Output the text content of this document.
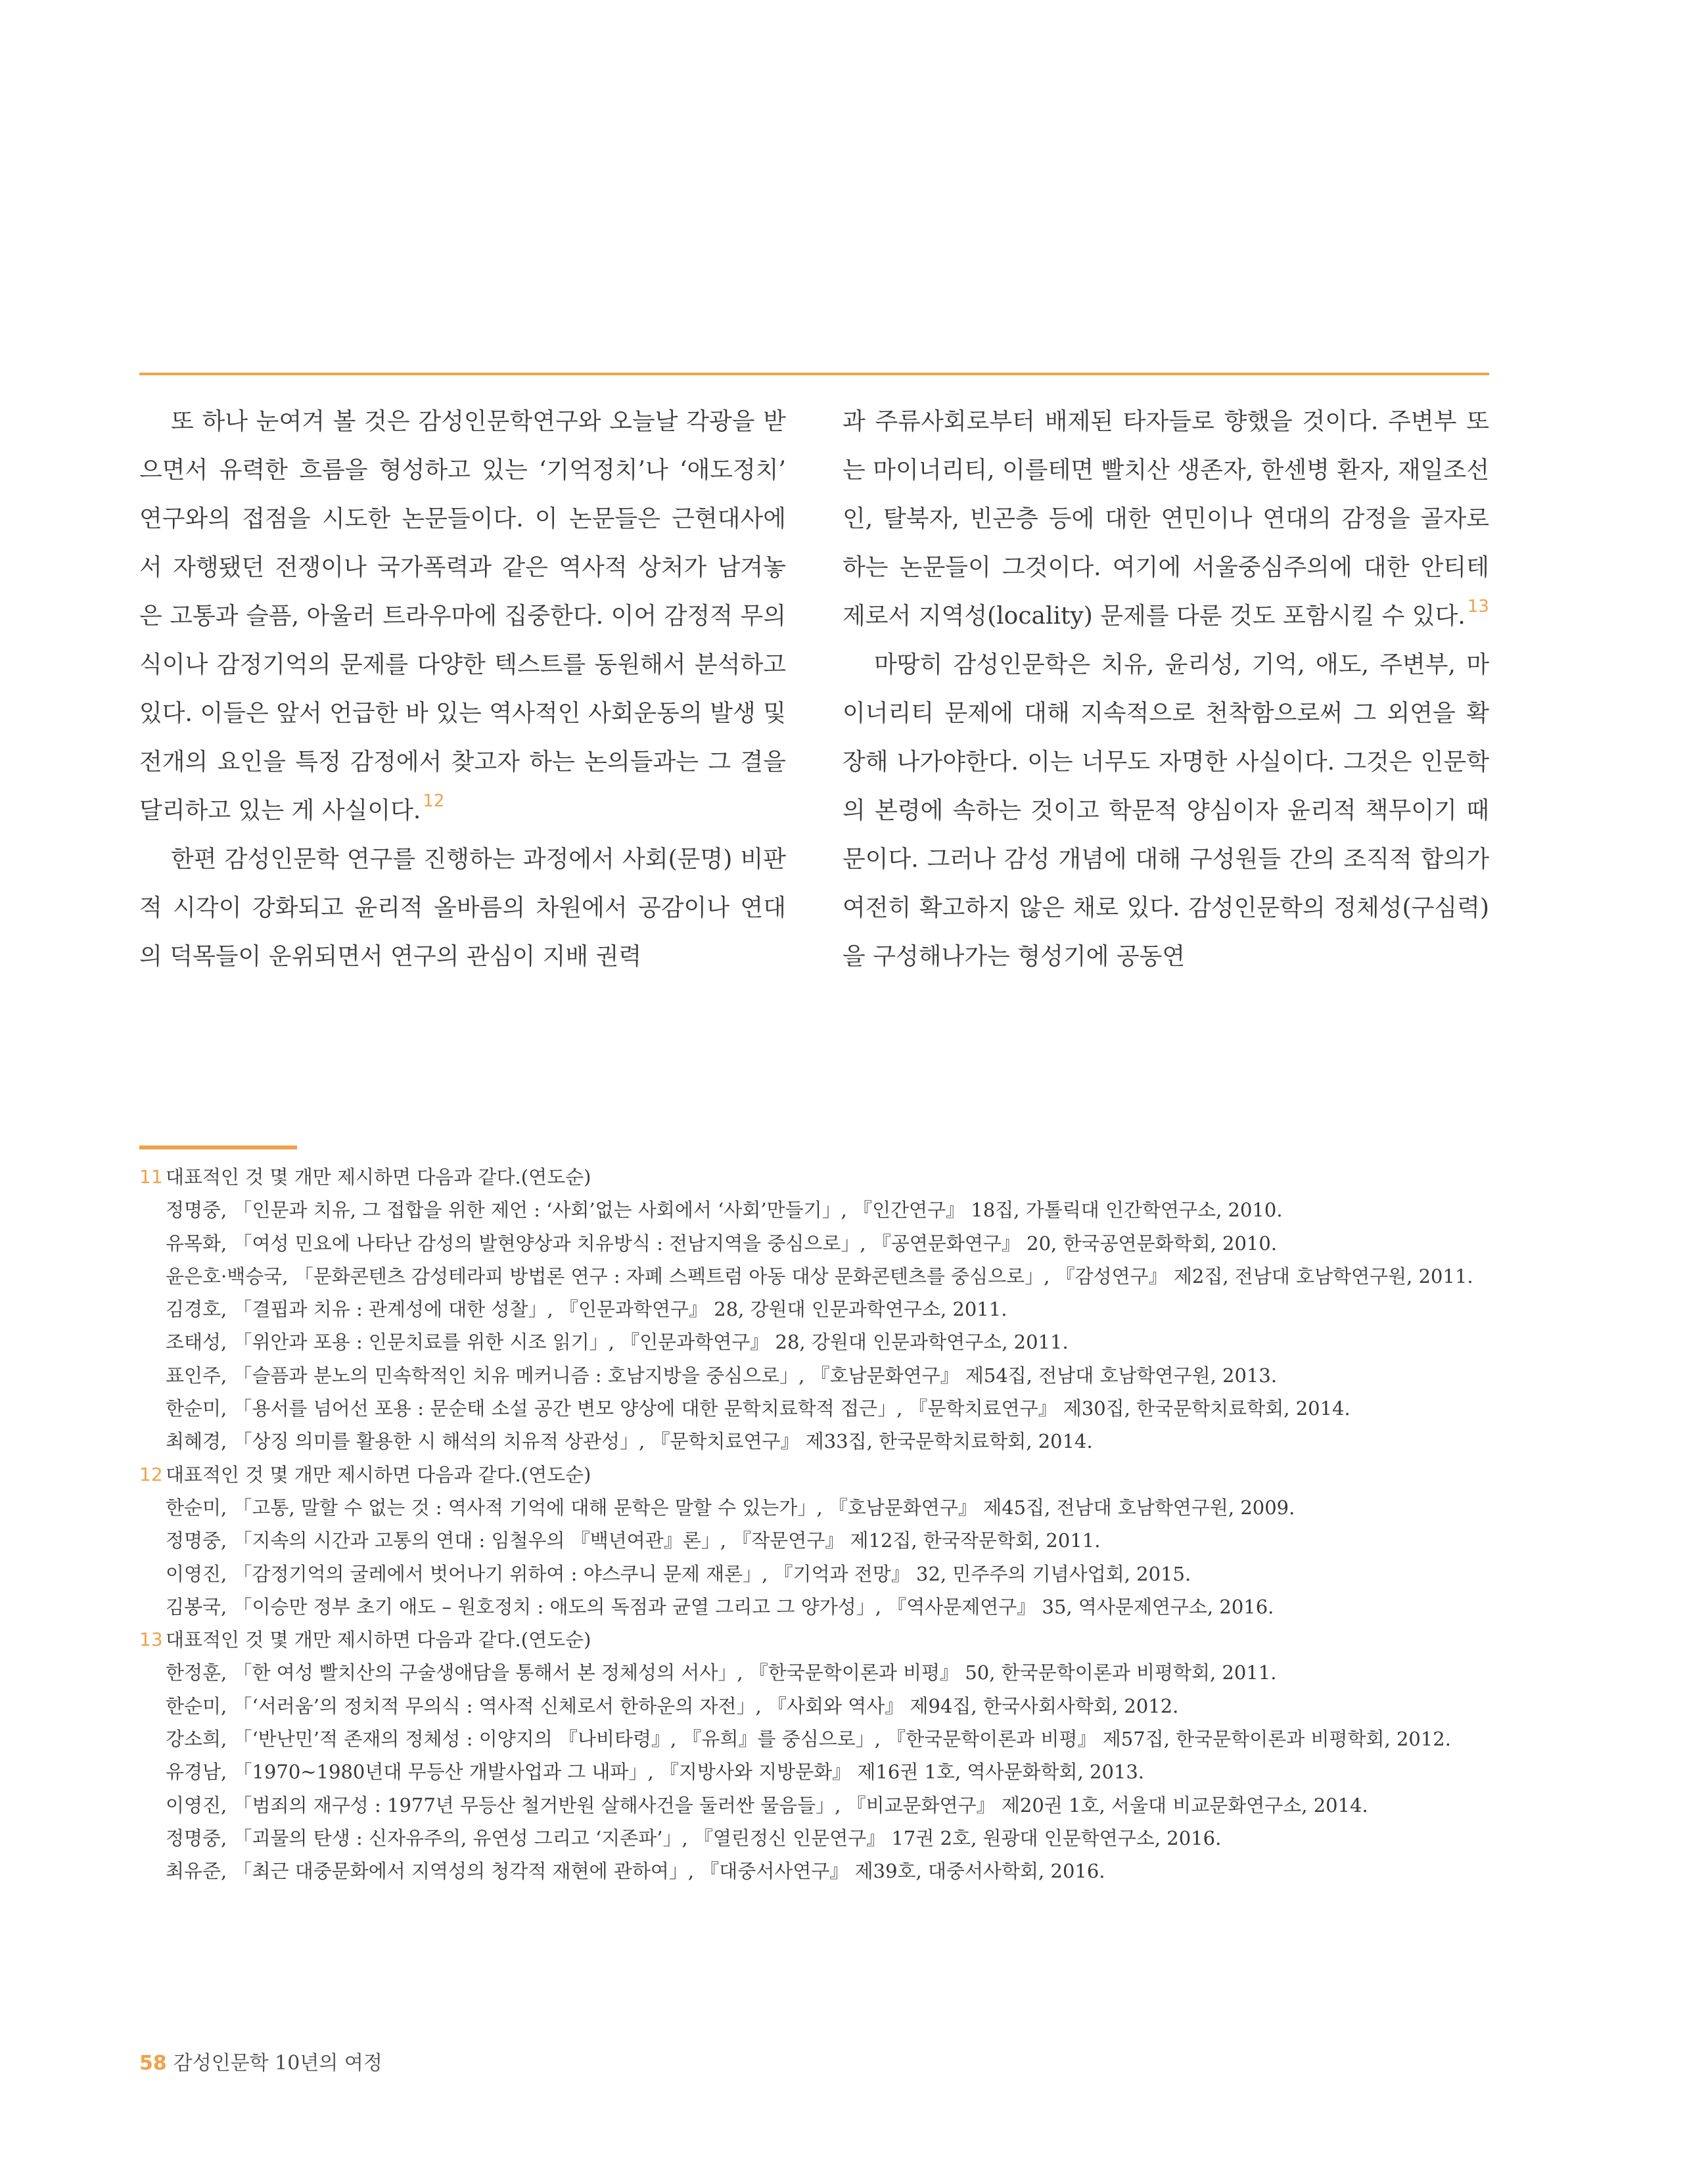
또 하나 눈여겨 볼 것은 감성인문학연구와 오늘날 각광을 받으면서 유력한 흐름을 형성하고 있는 ‘기억정치’나 ‘애도정치’ 연구와의 접점을 시도한 논문들이다. 이 논문들은 근현대사에서 자행됐던 전쟁이나 국가폭력과 같은 역사적 상처가 남겨놓은 고통과 슬픔, 아울러 트라우마에 집중한다. 이어 감정적 무의식이나 감정기억의 문제를 다양한 텍스트를 동원해서 분석하고 있다. 이들은 앞서 언급한 바 있는 역사적인 사회운동의 발생 및 전개의 요인을 특정 감정에서 찾고자 하는 논의들과는 그 결을 달리하고 있는 게 사실이다. $^{12}$

한편 감성인문학 연구를 진행하는 과정에서 사회(문명) 비판적 시각이 강화되고 윤리적 올바름의 차원에서 공감이나 연대의 덕목들이 운위되면서 연구의 관심이 지배 권력

과 주류사회로부터 배제된 타자들로 향했을 것이다. 주변부 또는 마이너리티, 이를테면 빨치산 생존자, 한센병 환자, 재일조선인, 탈북자, 빈곤층 등에 대한 연민이나 연대의 감정을 골자로 하는 논문들이 그것이다. 여기에 서울중심주의에 대한 안티테제로서 지역성(locality) 문제를 다룬 것도 포함시킬 수 있다. $^{13}$

마땅히 감성인문학은 치유, 윤리성, 기억, 애도, 주변부, 마이너리티 문제에 대해 지속적으로 천착함으로써 그 외연을 확장해 나가야한다. 이는 너무도 자명한 사실이다. 그것은 인문학의 본령에 속하는 것이고 학문적 양심이자 윤리적 책무이기 때문이다. 그러나 감성 개념에 대해 구성원들 간의 조직적 합의가 여전히 확고하지 않은 채로 있다. 감성인문학의 정체성(구심력)을 구성해나가는 형성기에 공동연

11 대표적인 것 몇 개만 제시하면 다음과 같다.(연도순)
정명중, 「인문과 치유, 그 접합을 위한 제언 : ‘사회’없는 사회에서 ‘사회’만들기」, 『인간연구』 18집, 가톨릭대 인간학연구소, 2010.
유목화, 「여성 민요에 나타난 감성의 발현양상과 치유방식 : 전남지역을 중심으로」, 『공연문화연구』 20, 한국공연문화학회, 2010.
윤은호·백승국, 「문화콘텐츠 감성테라피 방법론 연구 : 자폐 스펙트럼 아동 대상 문화콘텐츠를 중심으로」, 『감성연구』 제2집, 전남대 호남학연구원, 2011.
김경호, 「결핍과 치유 : 관계성에 대한 성찰」, 『인문과학연구』 28, 강원대 인문과학연구소, 2011.
조태성, 「위안과 포용 : 인문치료를 위한 시조 읽기」, 『인문과학연구』 28, 강원대 인문과학연구소, 2011.
표인주, 「슬픔과 분노의 민속학적인 치유 메커니즘 : 호남지방을 중심으로」, 『호남문화연구』 제54집, 전남대 호남학연구원, 2013.
한순미, 「용서를 넘어선 포용 : 문순태 소설 공간 변모 양상에 대한 문학치료학적 접근」, 『문학치료연구』 제30집, 한국문학치료학회, 2014.
최혜경, 「상징 의미를 활용한 시 해석의 치유적 상관성」, 『문학치료연구』 제33집, 한국문학치료학회, 2014.
12 대표적인 것 몇 개만 제시하면 다음과 같다.(연도순)
한순미, 「고통, 말할 수 없는 것 : 역사적 기억에 대해 문학은 말할 수 있는가」, 『호남문화연구』 제45집, 전남대 호남학연구원, 2009.
정명중, 「지속의 시간과 고통의 연대 : 임철우의 『백년여관』론」, 『작문연구』 제12집, 한국작문학회, 2011.
이영진, 「감정기억의 굴레에서 벗어나기 위하여 : 야스쿠니 문제 재론」, 『기억과 전망』 32, 민주주의 기념사업회, 2015.
김봉국, 「이승만 정부 초기 애도 – 원호정치 : 애도의 독점과 균열 그리고 그 양가성」, 『역사문제연구』 35, 역사문제연구소, 2016.
13 대표적인 것 몇 개만 제시하면 다음과 같다.(연도순)
한정훈, 「한 여성 빨치산의 구술생애담을 통해서 본 정체성의 서사」, 『한국문학이론과 비평』 50, 한국문학이론과 비평학회, 2011.
한순미, 「‘서러움’의 정치적 무의식 : 역사적 신체로서 한하운의 자전」, 『사회와 역사』 제94집, 한국사회사학회, 2012.
강소희, 「‘반난민’적 존재의 정체성 : 이양지의 『나비타령』, 『유희』를 중심으로」, 『한국문학이론과 비평』 제57집, 한국문학이론과 비평학회, 2012.
유경남, 「1970~1980년대 무등산 개발사업과 그 내파」, 『지방사와 지방문화』 제16권 1호, 역사문화학회, 2013.
이영진, 「범죄의 재구성 : 1977년 무등산 철거반원 살해사건을 둘러싼 물음들」, 『비교문화연구』 제20권 1호, 서울대 비교문화연구소, 2014.
정명중, 「괴물의 탄생 : 신자유주의, 유연성 그리고 ‘지존파’」, 『열린정신 인문연구』 17권 2호, 원광대 인문학연구소, 2016.
최유준, 「최근 대중문화에서 지역성의 청각적 재현에 관하여」, 『대중서사연구』 제39호, 대중서사학회, 2016.
58 감성인문학 10년의 여정
